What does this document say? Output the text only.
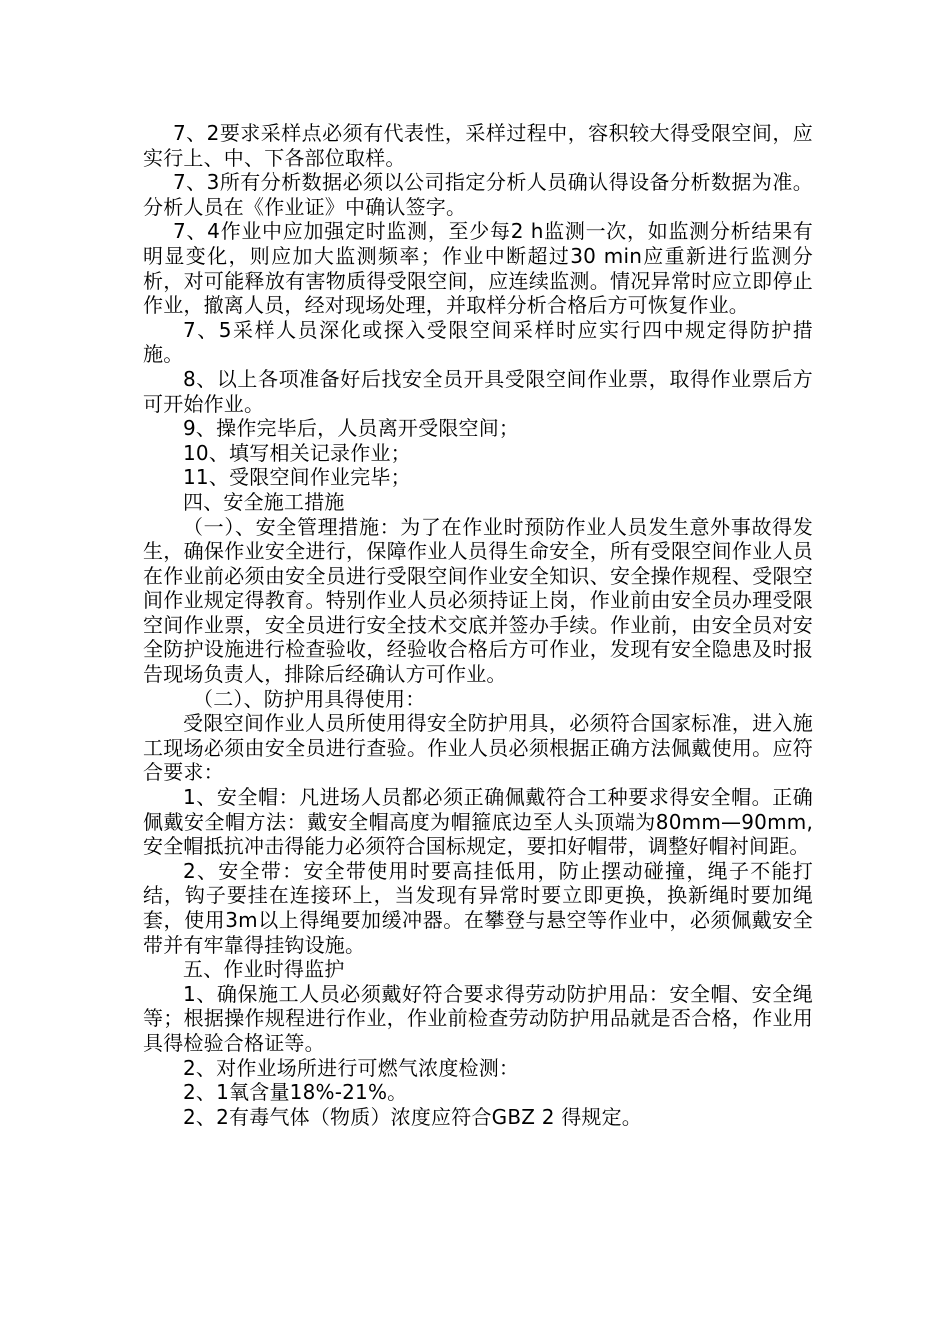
7、2要求采样点必须有代表性，采样过程中，容积较大得受限空间，应实行上、中、下各部位取样。

7、3所有分析数据必须以公司指定分析人员确认得设备分析数据为准。分析人员在《作业证》中确认签字。

7、4作业中应加强定时监测，至少每2 h监测一次，如监测分析结果有明显变化，则应加大监测频率；作业中断超过30 min应重新进行监测分析，对可能释放有害物质得受限空间，应连续监测。情况异常时应立即停止作业，撤离人员，经对现场处理，并取样分析合格后方可恢复作业。

7、5采样人员深化或探入受限空间采样时应实行四中规定得防护措施。

8、以上各项准备好后找安全员开具受限空间作业票，取得作业票后方可开始作业。

9、操作完毕后，人员离开受限空间；

10、填写相关记录作业；

11、受限空间作业完毕；

四、安全施工措施

（一）、安全管理措施：为了在作业时预防作业人员发生意外事故得发生，确保作业安全进行，保障作业人员得生命安全，所有受限空间作业人员在作业前必须由安全员进行受限空间作业安全知识、安全操作规程、受限空间作业规定得教育。特别作业人员必须持证上岗，作业前由安全员办理受限空间作业票，安全员进行安全技术交底并签办手续。作业前，由安全员对安全防护设施进行检查验收，经验收合格后方可作业，发现有安全隐患及时报告现场负责人，排除后经确认方可作业。

（二）、防护用具得使用：

受限空间作业人员所使用得安全防护用具，必须符合国家标准，进入施工现场必须由安全员进行查验。作业人员必须根据正确方法佩戴使用。应符合要求：

1、安全帽：凡进场人员都必须正确佩戴符合工种要求得安全帽。正确佩戴安全帽方法：戴安全帽高度为帽箍底边至人头顶端为80mm—90mm,安全帽抵抗冲击得能力必须符合国标规定，要扣好帽带，调整好帽衬间距。

2、安全带：安全带使用时要高挂低用，防止摆动碰撞，绳子不能打结，钩子要挂在连接环上，当发现有异常时要立即更换，换新绳时要加绳套，使用3m以上得绳要加缓冲器。在攀登与悬空等作业中，必须佩戴安全带并有牢靠得挂钩设施。

五、作业时得监护

1、确保施工人员必须戴好符合要求得劳动防护用品：安全帽、安全绳等；根据操作规程进行作业，作业前检查劳动防护用品就是否合格，作业用具得检验合格证等。

2、对作业场所进行可燃气浓度检测：

2、1氧含量18%-21%。

2、2有毒气体（物质）浓度应符合GBZ 2 得规定。
